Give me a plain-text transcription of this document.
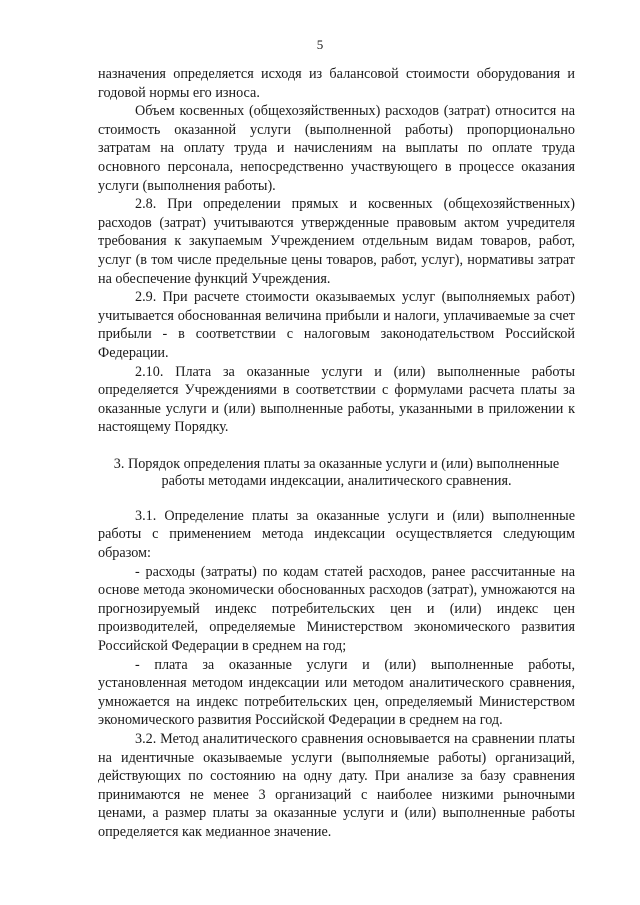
5

назначения определяется исходя из балансовой стоимости оборудования и годовой нормы его износа.

Объем косвенных (общехозяйственных) расходов (затрат) относится на стоимость оказанной услуги (выполненной работы) пропорционально затратам на оплату труда и начислениям на выплаты по оплате труда основного персонала, непосредственно участвующего в процессе оказания услуги (выполнения работы).

2.8. При определении прямых и косвенных (общехозяйственных) расходов (затрат) учитываются утвержденные правовым актом учредителя требования к закупаемым Учреждением отдельным видам товаров, работ, услуг (в том числе предельные цены товаров, работ, услуг), нормативы затрат на обеспечение функций Учреждения.

2.9. При расчете стоимости оказываемых услуг (выполняемых работ) учитывается обоснованная величина прибыли и налоги, уплачиваемые за счет прибыли - в соответствии с налоговым законодательством Российской Федерации.

2.10. Плата за оказанные услуги и (или) выполненные работы определяется Учреждениями в соответствии с формулами расчета платы за оказанные услуги и (или) выполненные работы, указанными в приложении к настоящему Порядку.

3. Порядок определения платы за оказанные услуги и (или) выполненные работы методами индексации, аналитического сравнения.

3.1. Определение платы за оказанные услуги и (или) выполненные работы с применением метода индексации осуществляется следующим образом:

- расходы (затраты) по кодам статей расходов, ранее рассчитанные на основе метода экономически обоснованных расходов (затрат), умножаются на прогнозируемый индекс потребительских цен и (или) индекс цен производителей, определяемые Министерством экономического развития Российской Федерации в среднем на год;

- плата за оказанные услуги и (или) выполненные работы, установленная методом индексации или методом аналитического сравнения, умножается на индекс потребительских цен, определяемый Министерством экономического развития Российской Федерации в среднем на год.

3.2. Метод аналитического сравнения основывается на сравнении платы на идентичные оказываемые услуги (выполняемые работы) организаций, действующих по состоянию на одну дату. При анализе за базу сравнения принимаются не менее 3 организаций с наиболее низкими рыночными ценами, а размер платы за оказанные услуги и (или) выполненные работы определяется как медианное значение.
